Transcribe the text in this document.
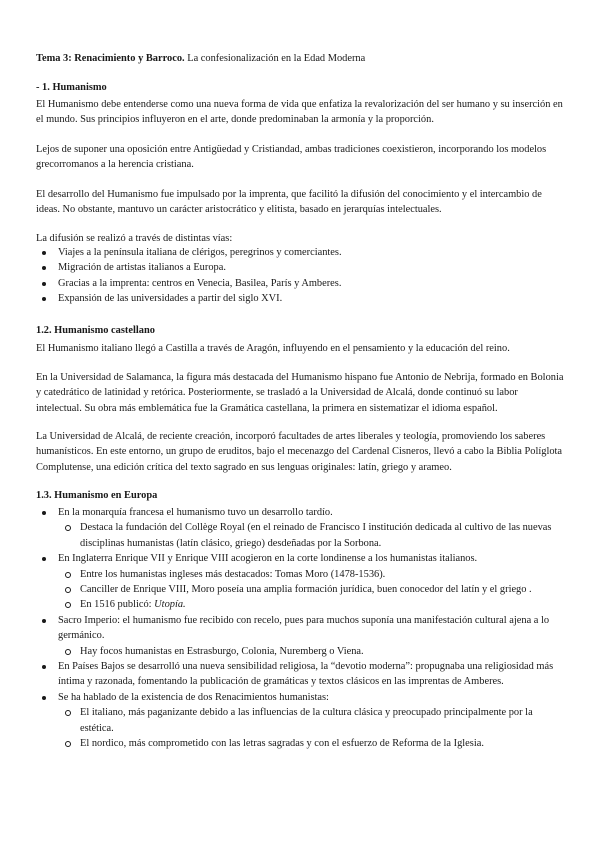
Tema 3: Renacimiento y Barroco. La confesionalización en la Edad Moderna

- 1. Humanismo

El Humanismo debe entenderse como una nueva forma de vida que enfatiza la revalorización del ser humano y su inserción en el mundo. Sus principios influyeron en el arte, donde predominaban la armonía y la proporción.

Lejos de suponer una oposición entre Antigüedad y Cristiandad, ambas tradiciones coexistieron, incorporando los modelos grecorromanos a la herencia cristiana.

El desarrollo del Humanismo fue impulsado por la imprenta, que facilitó la difusión del conocimiento y el intercambio de ideas. No obstante, mantuvo un carácter aristocrático y elitista, basado en jerarquías intelectuales.

La difusión se realizó a través de distintas vías:

Viajes a la península italiana de clérigos, peregrinos y comerciantes.
Migración de artistas italianos a Europa.
Gracias a la imprenta: centros en Venecia, Basilea, París y Amberes.
Expansión de las universidades a partir del siglo XVI.
1.2. Humanismo castellano

El Humanismo italiano llegó a Castilla a través de Aragón, influyendo en el pensamiento y la educación del reino.

En la Universidad de Salamanca, la figura más destacada del Humanismo hispano fue Antonio de Nebrija, formado en Bolonia y catedrático de latinidad y retórica. Posteriormente, se trasladó a la Universidad de Alcalá, donde continuó su labor intelectual. Su obra más emblemática fue la Gramática castellana, la primera en sistematizar el idioma español.

La Universidad de Alcalá, de reciente creación, incorporó facultades de artes liberales y teología, promoviendo los saberes humanísticos. En este entorno, un grupo de eruditos, bajo el mecenazgo del Cardenal Cisneros, llevó a cabo la Biblia Políglota Complutense, una edición crítica del texto sagrado en sus lenguas originales: latín, griego y arameo.

1.3. Humanismo en Europa
En la monarquía francesa el humanismo tuvo un desarrollo tardío.
Destaca la fundación del Collège Royal (en el reinado de Francisco I institución dedicada al cultivo de las nuevas disciplinas humanistas (latín clásico, griego) desdeñadas por la Sorbona.
En Inglaterra Enrique VII y Enrique VIII acogieron en la corte londinense a los humanistas italianos.
Entre los humanistas ingleses más destacados: Tomas Moro (1478-1536).
Canciller de Enrique VIII, Moro poseía una amplia formación jurídica, buen conocedor del latín y el griego .
En 1516 publicó: Utopía.
Sacro Imperio: el humanismo fue recibido con recelo, pues para muchos suponía una manifestación cultural ajena a lo germánico.
Hay focos humanistas en Estrasburgo, Colonia, Nuremberg o Viena.
En Países Bajos se desarrolló una nueva sensibilidad religiosa, la “devotio moderna”: propugnaba una religiosidad más íntima y razonada, fomentando la publicación de gramáticas y textos clásicos en las imprentas de Amberes.
Se ha hablado de la existencia de dos Renacimientos humanistas:
El italiano, más paganizante debido a las influencias de la cultura clásica y preocupado principalmente por la estética.
El nordico, más comprometido con las letras sagradas y con el esfuerzo de Reforma de la Iglesia.
